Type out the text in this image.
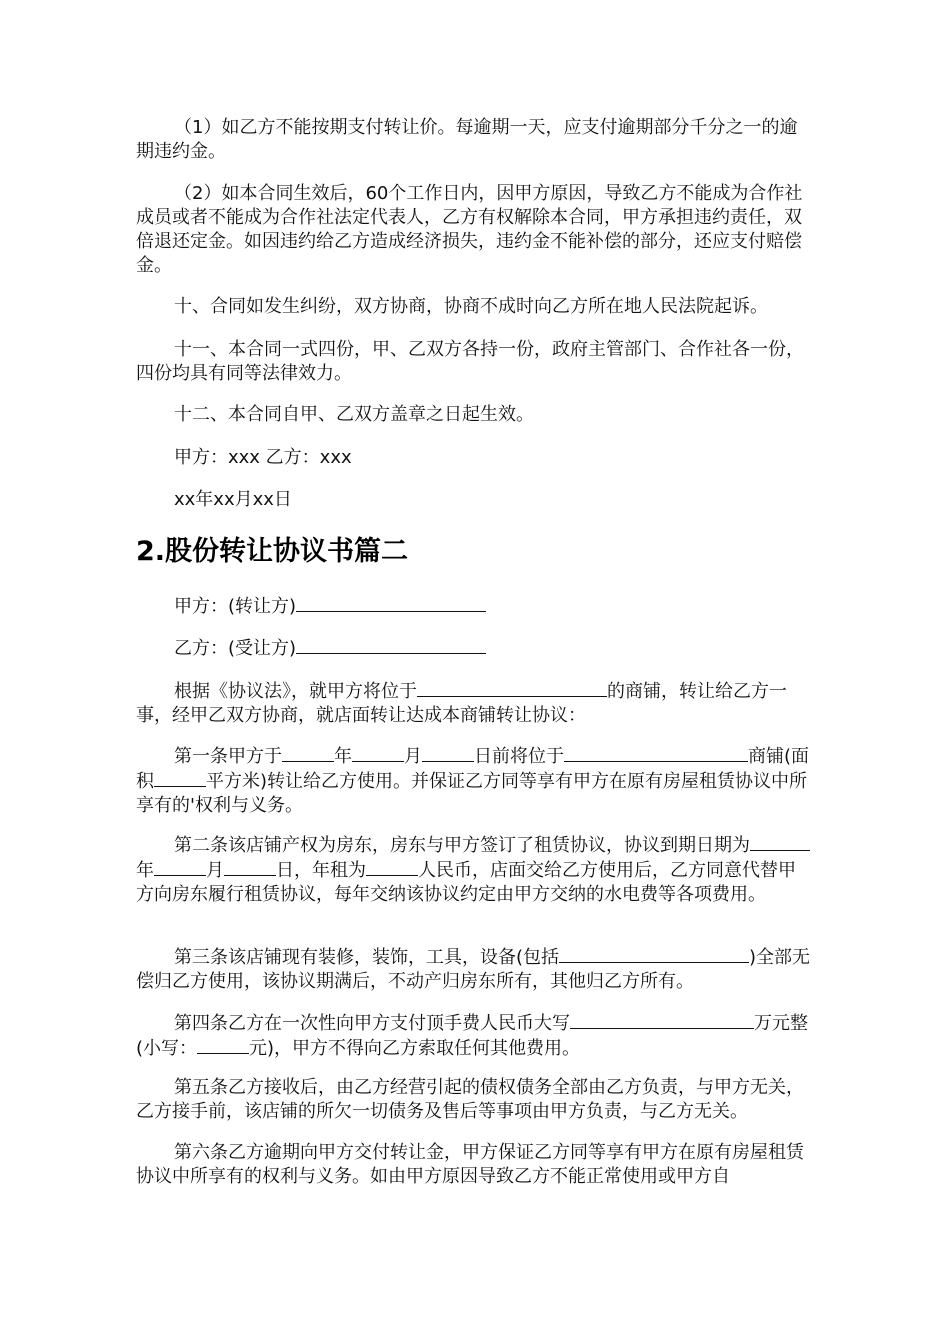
（1）如乙方不能按期支付转让价。每逾期一天，应支付逾期部分千分之一的逾期违约金。

（2）如本合同生效后，60个工作日内，因甲方原因，导致乙方不能成为合作社成员或者不能成为合作社法定代表人，乙方有权解除本合同，甲方承担违约责任，双倍退还定金。如因违约给乙方造成经济损失，违约金不能补偿的部分，还应支付赔偿金。

十、合同如发生纠纷，双方协商，协商不成时向乙方所在地人民法院起诉。

十一、本合同一式四份，甲、乙双方各持一份，政府主管部门、合作社各一份，四份均具有同等法律效力。

十二、本合同自甲、乙双方盖章之日起生效。

甲方：xxx 乙方：xxx

xx年xx月xx日

2.股份转让协议书篇二

甲方：(转让方)

乙方：(受让方)

根据《协议法》，就甲方将位于	的商铺，转让给乙方一事，经甲乙双方协商，就店面转让达成本商铺转让协议：

第一条甲方于	年	月	日前将位于	商铺(面积	平方米)转让给乙方使用。并保证乙方同等享有甲方在原有房屋租赁协议中所享有的'权利与义务。

第二条该店铺产权为房东，房东与甲方签订了租赁协议，协议到期日期为年	月	日，年租为	人民币，店面交给乙方使用后，乙方同意代替甲方向房东履行租赁协议，每年交纳该协议约定由甲方交纳的水电费等各项费用。

第三条该店铺现有装修，装饰，工具，设备(包括	)全部无偿归乙方使用，该协议期满后，不动产归房东所有，其他归乙方所有。

第四条乙方在一次性向甲方支付顶手费人民币大写	万元整(小写：	元)，甲方不得向乙方索取任何其他费用。

第五条乙方接收后，由乙方经营引起的债权债务全部由乙方负责，与甲方无关，乙方接手前，该店铺的所欠一切债务及售后等事项由甲方负责，与乙方无关。

第六条乙方逾期向甲方交付转让金，甲方保证乙方同等享有甲方在原有房屋租赁协议中所享有的权利与义务。如由甲方原因导致乙方不能正常使用或甲方自
